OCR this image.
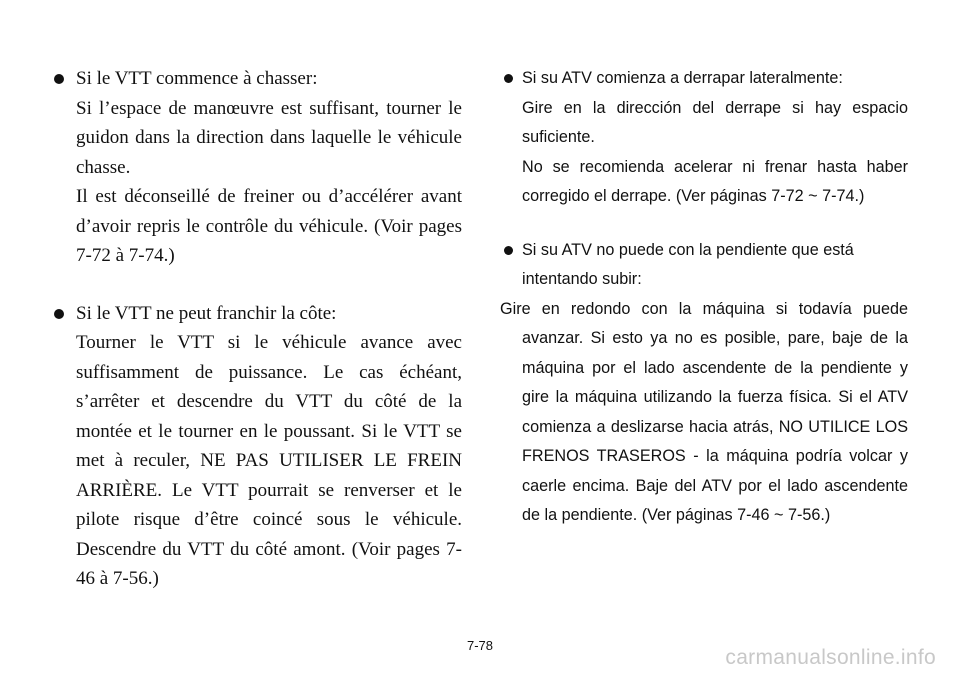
Si le VTT commence à chasser:
Si l’espace de manœuvre est suffisant, tourner le guidon dans la direction dans laquelle le véhicule chasse.
Il est déconseillé de freiner ou d’accélérer avant d’avoir repris le contrôle du véhicule. (Voir pages 7-72 à 7-74.)
Si le VTT ne peut franchir la côte:
Tourner le VTT si le véhicule avance avec suffisamment de puissance. Le cas échéant, s’arrêter et descendre du VTT du côté de la montée et le tourner en le poussant. Si le VTT se met à reculer, NE PAS UTILISER LE FREIN ARRIÈRE. Le VTT pourrait se renverser et le pilote risque d’être coincé sous le véhicule. Descendre du VTT du côté amont. (Voir pages 7-46 à 7-56.)
Si su ATV comienza a derrapar lateralmente:
Gire en la dirección del derrape si hay espacio suficiente.
No se recomienda acelerar ni frenar hasta haber corregido el derrape. (Ver páginas 7-72 ~ 7-74.)
Si su ATV no puede con la pendiente que está intentando subir:
Gire en redondo con la máquina si todavía puede avanzar. Si esto ya no es posible, pare, baje de la máquina por el lado ascendente de la pendiente y gire la máquina utilizando la fuerza física. Si el ATV comienza a deslizarse hacia atrás, NO UTILICE LOS FRENOS TRASEROS - la máquina podría volcar y caerle encima. Baje del ATV por el lado ascendente de la pendiente. (Ver páginas 7-46 ~ 7-56.)
7-78
carmanualsonline.info
